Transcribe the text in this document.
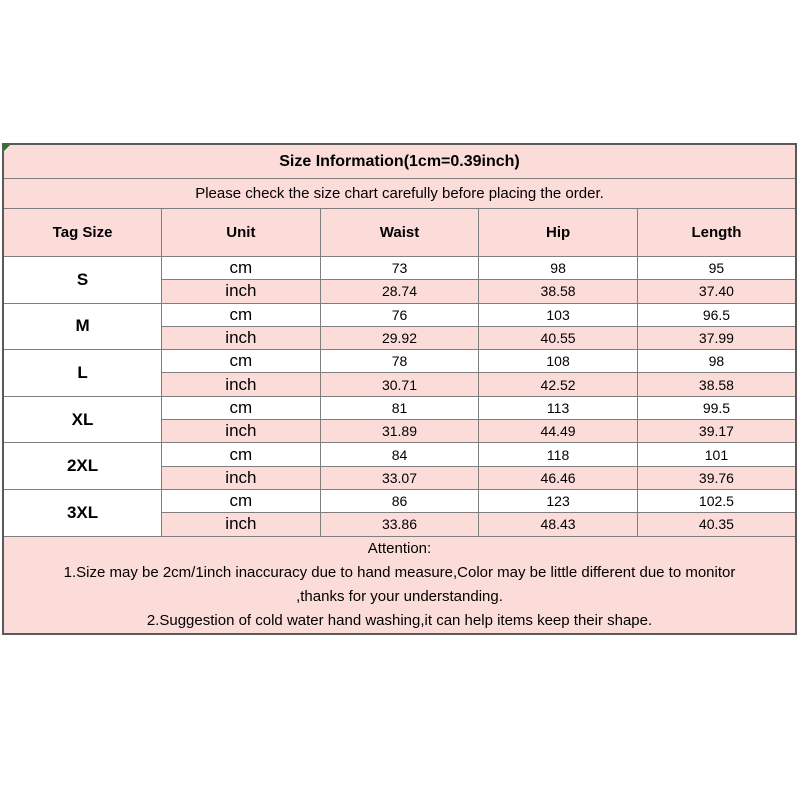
Size Information(1cm=0.39inch)				
Please check the size chart carefully before placing the order.				
Tag Size	Unit	Waist	Hip	Length
S	cm	73	98	95
	inch	28.74	38.58	37.40
M	cm	76	103	96.5
	inch	29.92	40.55	37.99
L	cm	78	108	98
	inch	30.71	42.52	38.58
XL	cm	81	113	99.5
	inch	31.89	44.49	39.17
2XL	cm	84	118	101
	inch	33.07	46.46	39.76
3XL	cm	86	123	102.5
	inch	33.86	48.43	40.35

Attention:
1.Size may be 2cm/1inch inaccuracy due to hand measure,Color may be little different due to monitor
,thanks for your understanding.
2.Suggestion of cold water hand washing,it can help items keep their shape.				
